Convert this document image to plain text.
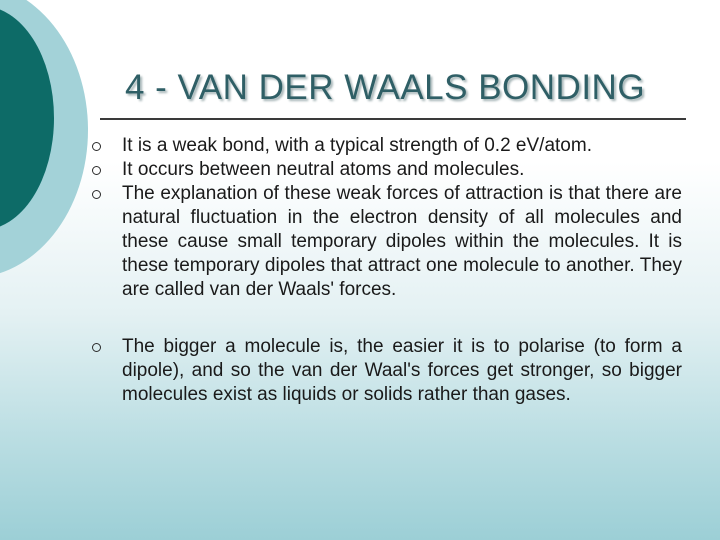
4 - VAN DER WAALS BONDING
It is a weak bond, with a typical strength of 0.2 eV/atom.
It occurs between neutral atoms and molecules.
The explanation of these weak forces of attraction is that there are natural fluctuation in the electron density of all molecules and these cause small temporary dipoles within the molecules. It is these temporary dipoles that attract one molecule to another. They are called van der Waals' forces.
The bigger a molecule is, the easier it is to polarise (to form a dipole), and so the van der Waal's forces get stronger, so bigger molecules exist as liquids or solids rather than gases.
